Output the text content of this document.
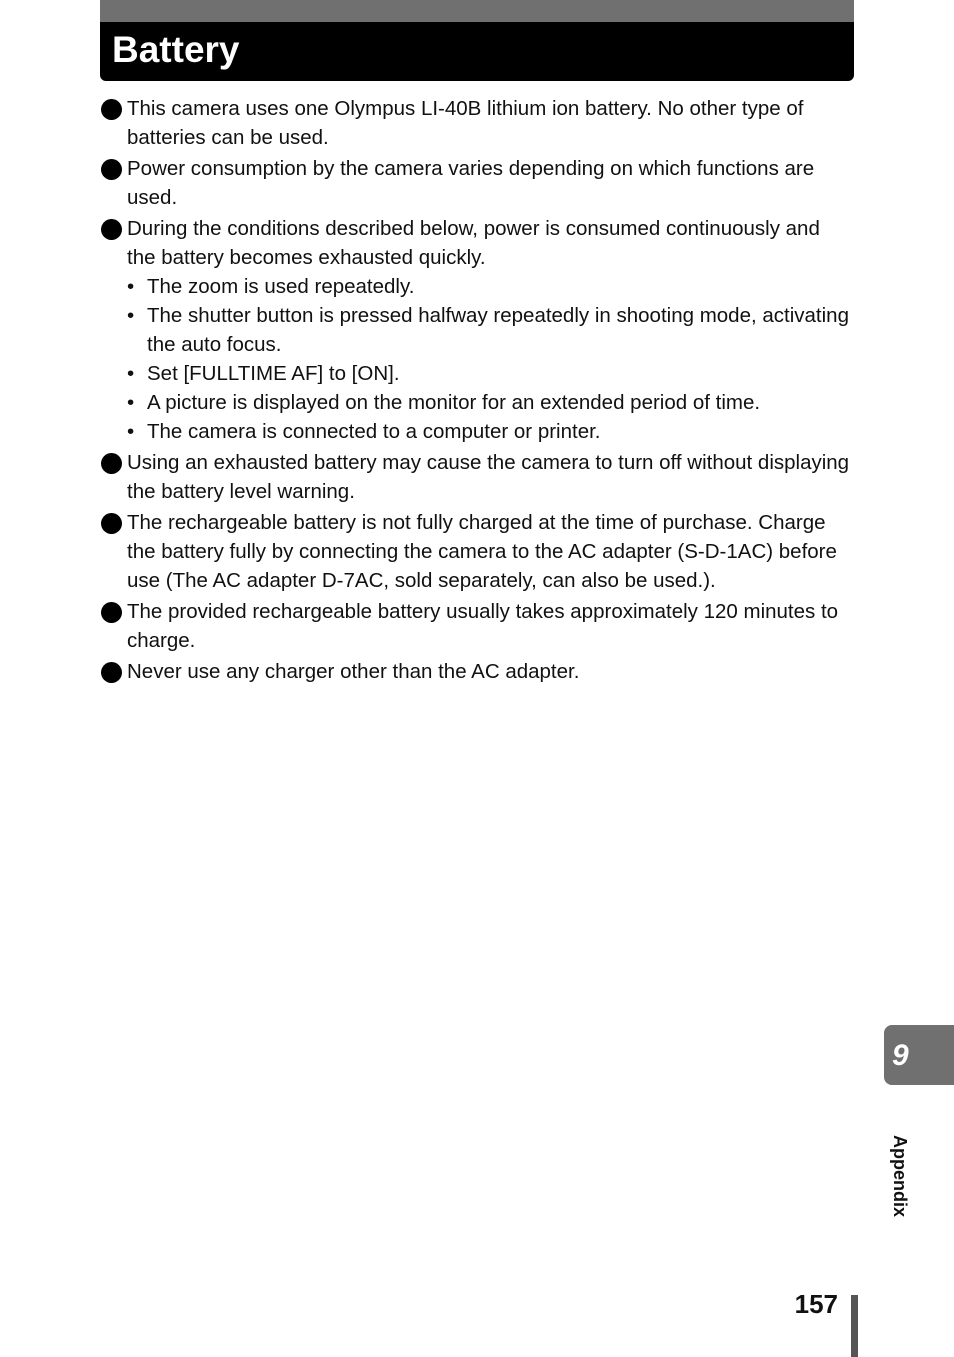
Battery
This camera uses one Olympus LI-40B lithium ion battery. No other type of batteries can be used.
Power consumption by the camera varies depending on which functions are used.
During the conditions described below, power is consumed continuously and the battery becomes exhausted quickly.
• The zoom is used repeatedly.
• The shutter button is pressed halfway repeatedly in shooting mode, activating the auto focus.
• Set [FULLTIME AF] to [ON].
• A picture is displayed on the monitor for an extended period of time.
• The camera is connected to a computer or printer.
Using an exhausted battery may cause the camera to turn off without displaying the battery level warning.
The rechargeable battery is not fully charged at the time of purchase. Charge the battery fully by connecting the camera to the AC adapter (S-D-1AC) before use (The AC adapter D-7AC, sold separately, can also be used.).
The provided rechargeable battery usually takes approximately 120 minutes to charge.
Never use any charger other than the AC adapter.
9
Appendix
157
